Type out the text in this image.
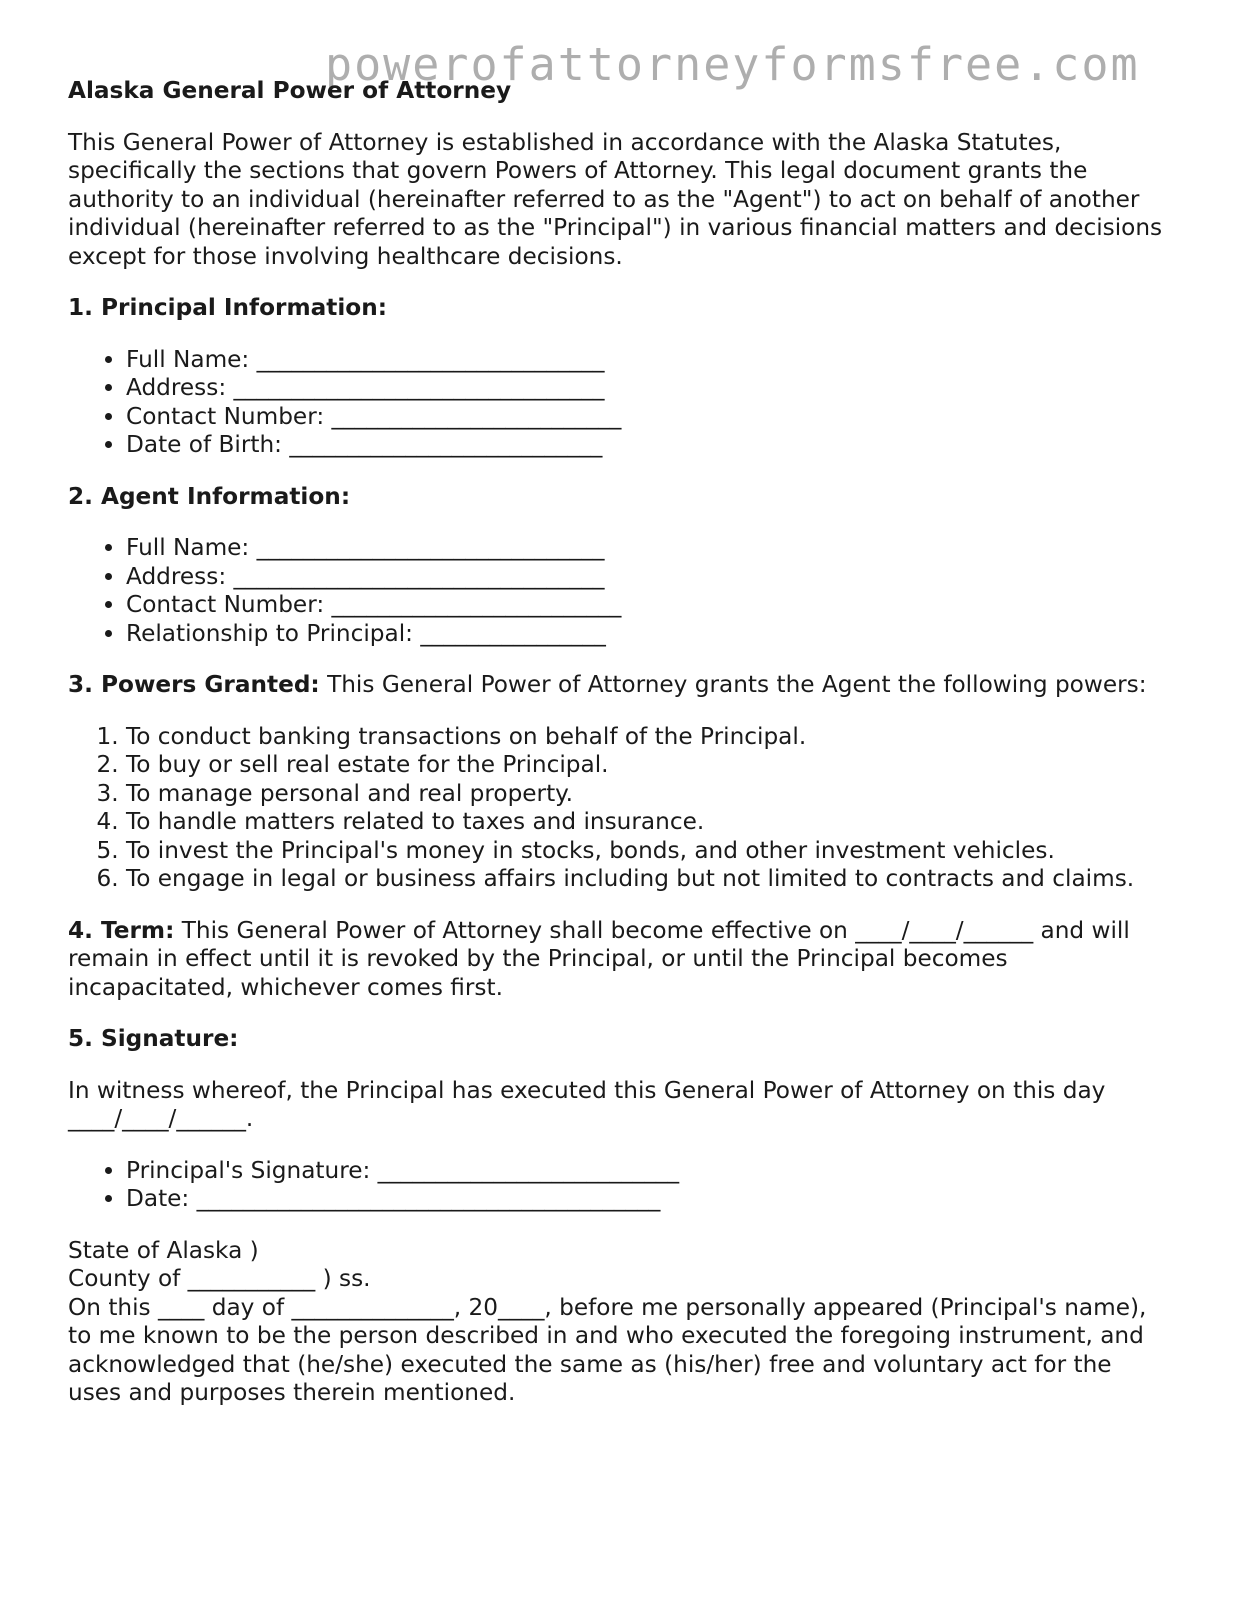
powerofattorneyformsfree.com
Alaska General Power of Attorney

This General Power of Attorney is established in accordance with the Alaska Statutes, specifically the sections that govern Powers of Attorney. This legal document grants the authority to an individual (hereinafter referred to as the "Agent") to act on behalf of another individual (hereinafter referred to as the "Principal") in various financial matters and decisions except for those involving healthcare decisions.

1. Principal Information:

• Full Name: ______________________________
• Address: ________________________________
• Contact Number: _________________________
• Date of Birth: ___________________________

2. Agent Information:

• Full Name: ______________________________
• Address: ________________________________
• Contact Number: _________________________
• Relationship to Principal: ________________

3. Powers Granted: This General Power of Attorney grants the Agent the following powers:

1. To conduct banking transactions on behalf of the Principal.
2. To buy or sell real estate for the Principal.
3. To manage personal and real property.
4. To handle matters related to taxes and insurance.
5. To invest the Principal's money in stocks, bonds, and other investment vehicles.
6. To engage in legal or business affairs including but not limited to contracts and claims.

4. Term: This General Power of Attorney shall become effective on ____/____/______ and will remain in effect until it is revoked by the Principal, or until the Principal becomes incapacitated, whichever comes first.

5. Signature:

In witness whereof, the Principal has executed this General Power of Attorney on this day ____/____/______.

• Principal's Signature: __________________________
• Date: ________________________________________

State of Alaska )

County of ___________ ) ss.

On this ____ day of ______________, 20____, before me personally appeared (Principal's name), to me known to be the person described in and who executed the foregoing instrument, and acknowledged that (he/she) executed the same as (his/her) free and voluntary act for the uses and purposes therein mentioned.
